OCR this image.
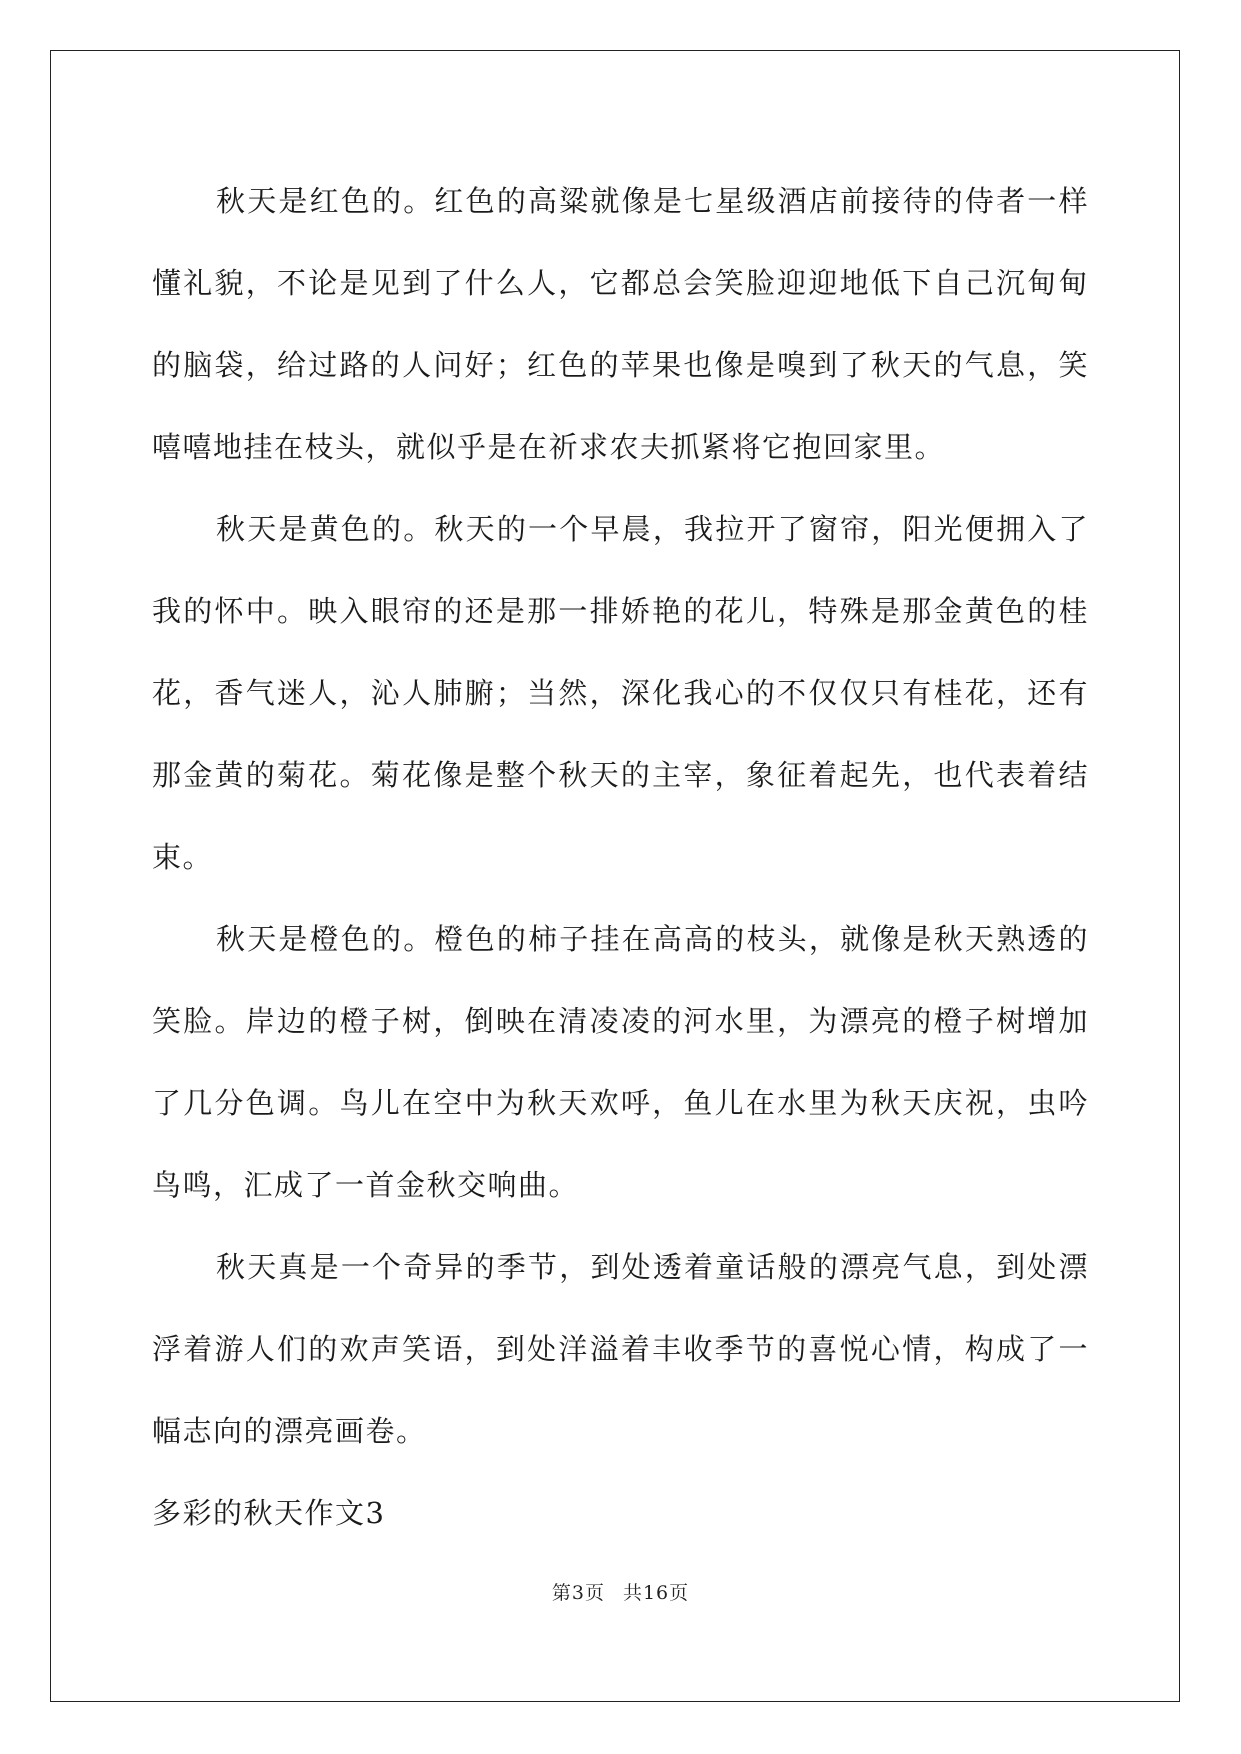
秋天是红色的。红色的高粱就像是七星级酒店前接待的侍者一样懂礼貌，不论是见到了什么人，它都总会笑脸迎迎地低下自己沉甸甸的脑袋，给过路的人问好；红色的苹果也像是嗅到了秋天的气息，笑嘻嘻地挂在枝头，就似乎是在祈求农夫抓紧将它抱回家里。

秋天是黄色的。秋天的一个早晨，我拉开了窗帘，阳光便拥入了我的怀中。映入眼帘的还是那一排娇艳的花儿，特殊是那金黄色的桂花，香气迷人，沁人肺腑；当然，深化我心的不仅仅只有桂花，还有那金黄的菊花。菊花像是整个秋天的主宰，象征着起先，也代表着结束。

秋天是橙色的。橙色的柿子挂在高高的枝头，就像是秋天熟透的笑脸。岸边的橙子树，倒映在清凌凌的河水里，为漂亮的橙子树增加了几分色调。鸟儿在空中为秋天欢呼，鱼儿在水里为秋天庆祝，虫吟鸟鸣，汇成了一首金秋交响曲。

秋天真是一个奇异的季节，到处透着童话般的漂亮气息，到处漂浮着游人们的欢声笑语，到处洋溢着丰收季节的喜悦心情，构成了一幅志向的漂亮画卷。

多彩的秋天作文3

第3页 共16页
